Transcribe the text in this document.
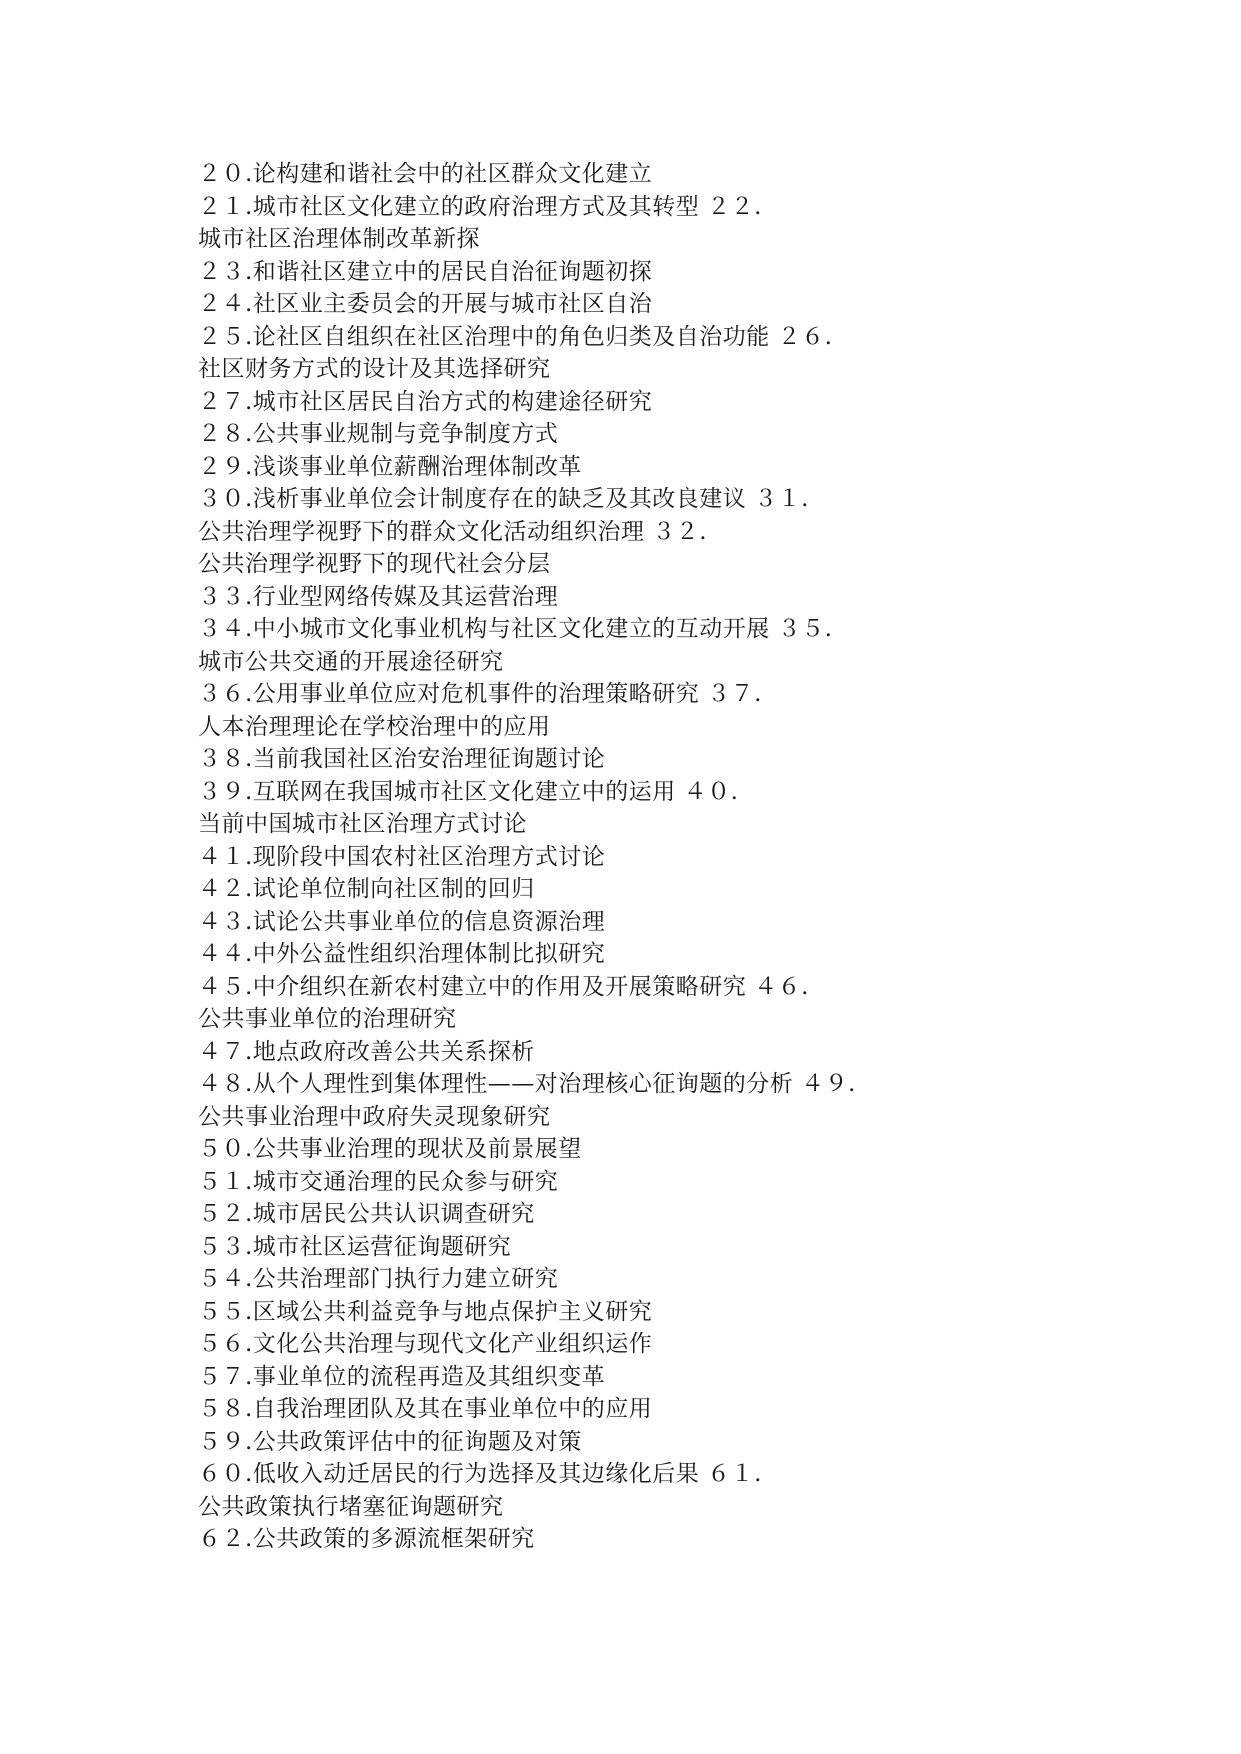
２０.论构建和谐社会中的社区群众文化建立
２１.城市社区文化建立的政府治理方式及其转型 ２２.
城市社区治理体制改革新探
２３.和谐社区建立中的居民自治征询题初探
２４.社区业主委员会的开展与城市社区自治
２５.论社区自组织在社区治理中的角色归类及自治功能 ２６.
社区财务方式的设计及其选择研究
２７.城市社区居民自治方式的构建途径研究
２８.公共事业规制与竞争制度方式
２９.浅谈事业单位薪酬治理体制改革
３０.浅析事业单位会计制度存在的缺乏及其改良建议 ３１.
公共治理学视野下的群众文化活动组织治理 ３２.
公共治理学视野下的现代社会分层
３３.行业型网络传媒及其运营治理
３４.中小城市文化事业机构与社区文化建立的互动开展 ３５.
城市公共交通的开展途径研究
３６.公用事业单位应对危机事件的治理策略研究 ３７.
人本治理理论在学校治理中的应用
３８.当前我国社区治安治理征询题讨论
３９.互联网在我国城市社区文化建立中的运用 ４０.
当前中国城市社区治理方式讨论
４１.现阶段中国农村社区治理方式讨论
４２.试论单位制向社区制的回归
４３.试论公共事业单位的信息资源治理
４４.中外公益性组织治理体制比拟研究
４５.中介组织在新农村建立中的作用及开展策略研究 ４６.
公共事业单位的治理研究
４７.地点政府改善公共关系探析
４８.从个人理性到集体理性——对治理核心征询题的分析 ４９.
公共事业治理中政府失灵现象研究
５０.公共事业治理的现状及前景展望
５１.城市交通治理的民众参与研究
５２.城市居民公共认识调查研究
５３.城市社区运营征询题研究
５４.公共治理部门执行力建立研究
５５.区域公共利益竞争与地点保护主义研究
５６.文化公共治理与现代文化产业组织运作
５７.事业单位的流程再造及其组织变革
５８.自我治理团队及其在事业单位中的应用
５９.公共政策评估中的征询题及对策
６０.低收入动迁居民的行为选择及其边缘化后果 ６１.
公共政策执行堵塞征询题研究
６２.公共政策的多源流框架研究
